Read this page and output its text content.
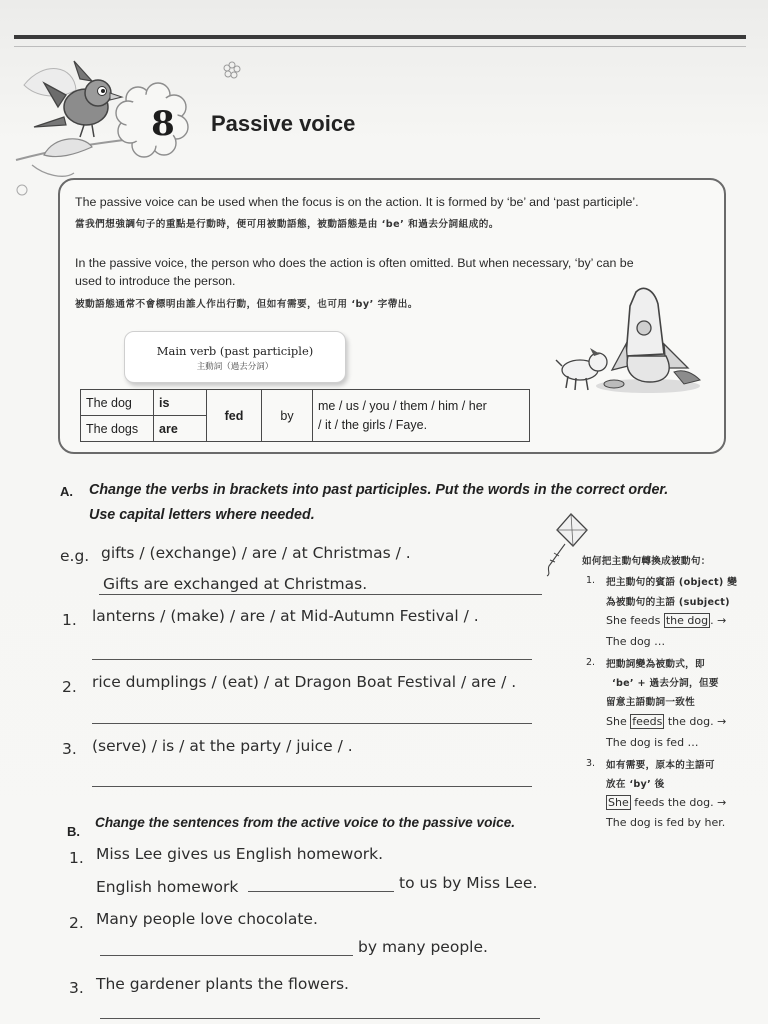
8 Passive voice
The passive voice can be used when the focus is on the action. It is formed by ‘be’ and ‘past participle’.
當我們想強調句子的重點是行動時，便可用被動語態，被動語態是由 ‘be’ 和過去分詞組成的。
In the passive voice, the person who does the action is often omitted. But when necessary, ‘by’ can be
used to introduce the person.
被動語態通常不會標明由誰人作出行動，但如有需要，也可用 ‘by’ 字帶出。
Main verb (past participle)
主動詞（過去分詞）
The dog	is	fed	by	me / us / you / them / him / her
/ it / the girls / Faye.

The dogs	are			
A. Change the verbs in brackets into past participles. Put the words in the correct order.
Use capital letters where needed.
e.g. gifts / (exchange) / are / at Christmas / .
Gifts are exchanged at Christmas.
1. lanterns / (make) / are / at Mid-Autumn Festival / .
2. rice dumplings / (eat) / at Dragon Boat Festival / are / .
3. (serve) / is / at the party / juice / .
如何把主動句轉換成被動句：
1. 把主動句的賓語 (object) 變
為被動句的主語 (subject)
She feeds the dog . →
The dog …
2. 把動詞變為被動式，即
‘be’ + 過去分詞，但要
留意主語動詞一致性
She feeds the dog. →
The dog is fed …
3. 如有需要，原本的主語可
放在 ‘by’ 後
She feeds the dog. →
The dog is fed by her.
B.
Change the sentences from the active voice to the passive voice.
1. Miss Lee gives us English homework.
English homework	to us by Miss Lee.
2. Many people love chocolate.
by many people.
3. The gardener plants the flowers.
